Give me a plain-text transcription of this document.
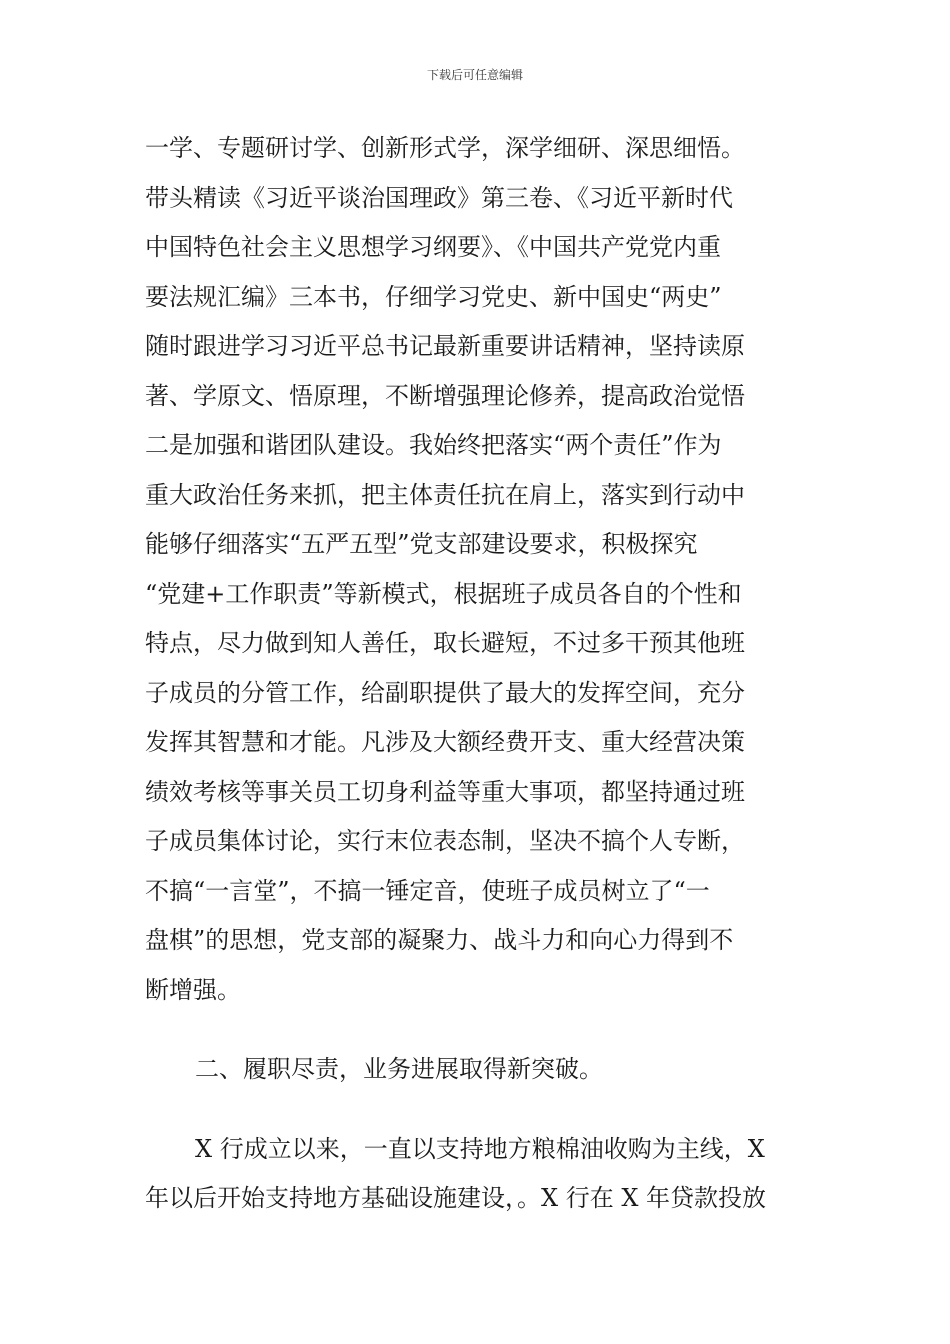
下载后可任意编辑
一学、专题研讨学、创新形式学，深学细研、深思细悟。
带头精读《习近平谈治国理政》第三卷、《习近平新时代
中国特色社会主义思想学习纲要》、《中国共产党党内重
要法规汇编》三本书，仔细学习党史、新中国史“两史”
随时跟进学习习近平总书记最新重要讲话精神，坚持读原
著、学原文、悟原理，不断增强理论修养，提高政治觉悟
二是加强和谐团队建设。我始终把落实“两个责任”作为
重大政治任务来抓，把主体责任抗在肩上，落实到行动中
能够仔细落实“五严五型”党支部建设要求，积极探究
“党建+工作职责”等新模式，根据班子成员各自的个性和
特点，尽力做到知人善任，取长避短，不过多干预其他班
子成员的分管工作，给副职提供了最大的发挥空间，充分
发挥其智慧和才能。凡涉及大额经费开支、重大经营决策
绩效考核等事关员工切身利益等重大事项，都坚持通过班
子成员集体讨论，实行末位表态制，坚决不搞个人专断，
不搞“一言堂”，不搞一锤定音，使班子成员树立了“一
盘棋”的思想，党支部的凝聚力、战斗力和向心力得到不
断增强。
二、履职尽责，业务进展取得新突破。
X 行成立以来，一直以支持地方粮棉油收购为主线，X
年以后开始支持地方基础设施建设，。X 行在 X 年贷款投放
